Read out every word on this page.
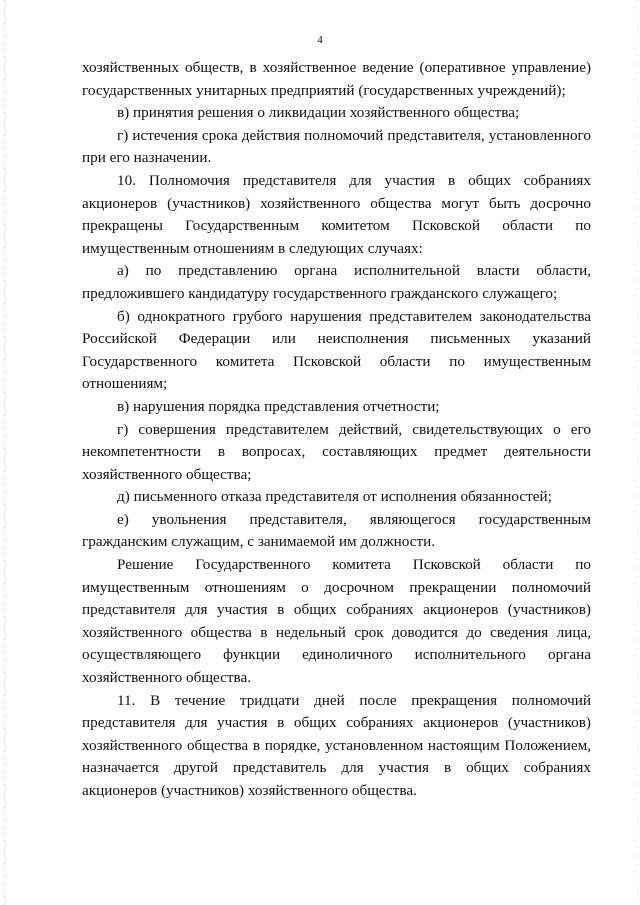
4

хозяйственных обществ, в хозяйственное ведение (оперативное управление) государственных унитарных предприятий (государственных учреждений);

в) принятия решения о ликвидации хозяйственного общества;

г) истечения срока действия полномочий представителя, установленного при его назначении.

10. Полномочия представителя для участия в общих собраниях акционеров (участников) хозяйственного общества могут быть досрочно прекращены Государственным комитетом Псковской области по имущественным отношениям в следующих случаях:

а) по представлению органа исполнительной власти области, предложившего кандидатуру государственного гражданского служащего;

б) однократного грубого нарушения представителем законодательства Российской Федерации или неисполнения письменных указаний Государственного комитета Псковской области по имущественным отношениям;

в) нарушения порядка представления отчетности;

г) совершения представителем действий, свидетельствующих о его некомпетентности в вопросах, составляющих предмет деятельности хозяйственного общества;

д) письменного отказа представителя от исполнения обязанностей;

е) увольнения представителя, являющегося государственным гражданским служащим, с занимаемой им должности.

Решение Государственного комитета Псковской области по имущественным отношениям о досрочном прекращении полномочий представителя для участия в общих собраниях акционеров (участников) хозяйственного общества в недельный срок доводится до сведения лица, осуществляющего функции единоличного исполнительного органа хозяйственного общества.

11. В течение тридцати дней после прекращения полномочий представителя для участия в общих собраниях акционеров (участников) хозяйственного общества в порядке, установленном настоящим Положением, назначается другой представитель для участия в общих собраниях акционеров (участников) хозяйственного общества.
